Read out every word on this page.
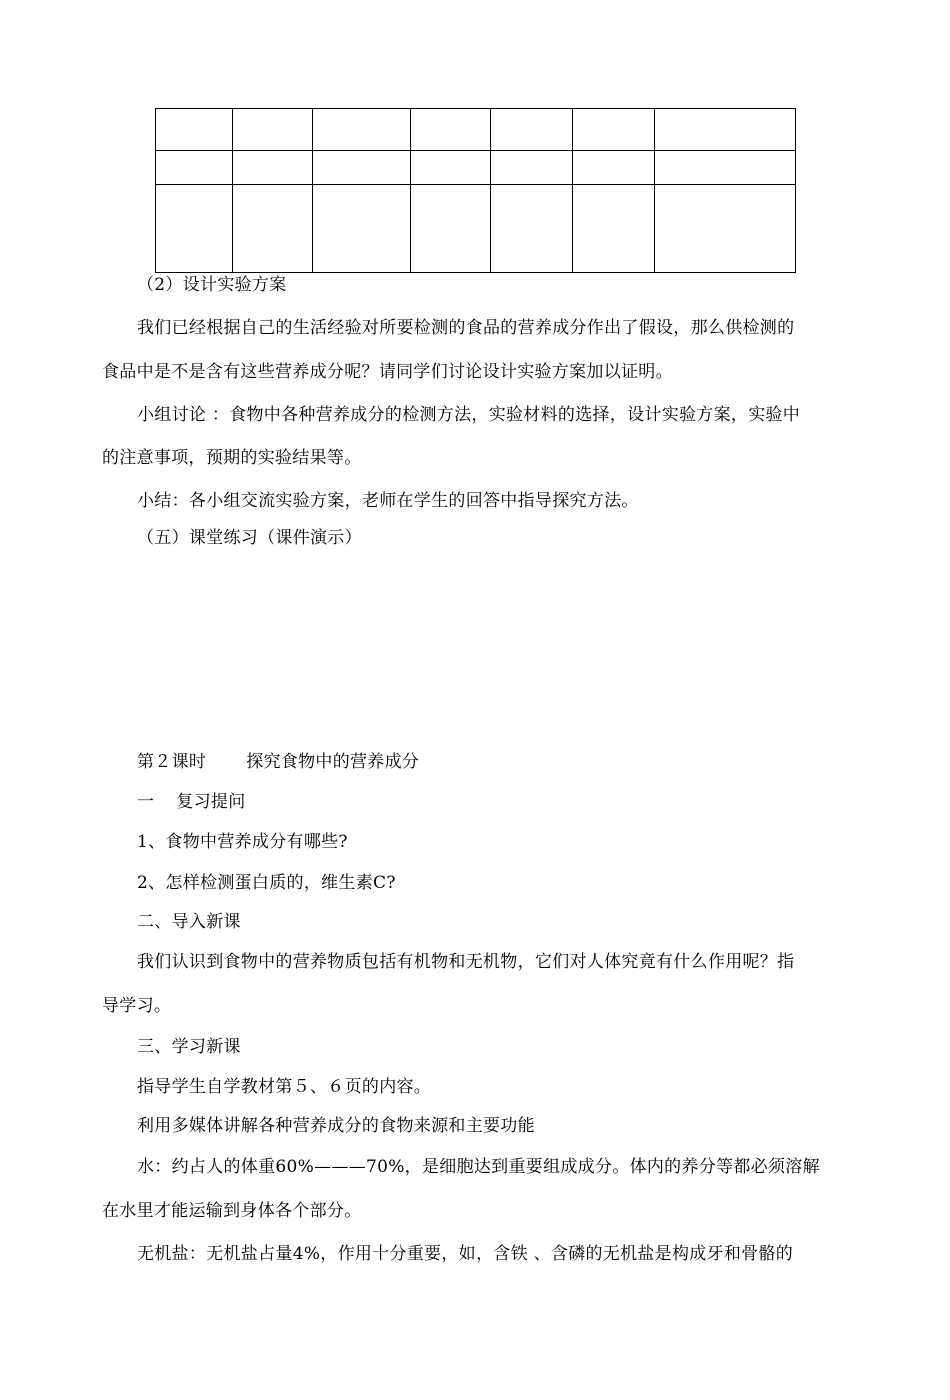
（2）设计实验方案
我们已经根据自己的生活经验对所要检测的食品的营养成分作出了假设，那么供检测的
食品中是不是含有这些营养成分呢？请同学们讨论设计实验方案加以证明。
小组讨论 ：食物中各种营养成分的检测方法，实验材料的选择，设计实验方案，实验中
的注意事项，预期的实验结果等。
小结：各小组交流实验方案，老师在学生的回答中指导探究方法。
（五）课堂练习（课件演示）
第２课时 探究食物中的营养成分
一 复习提问
1、食物中营养成分有哪些?
2、怎样检测蛋白质的，维生素C?
二、导入新课
我们认识到食物中的营养物质包括有机物和无机物，它们对人体究竟有什么作用呢？指
导学习。
三、学习新课
指导学生自学教材第５、６页的内容。
利用多媒体讲解各种营养成分的食物来源和主要功能
水：约占人的体重60%———70%，是细胞达到重要组成成分。体内的养分等都必须溶解
在水里才能运输到身体各个部分。
无机盐：无机盐占量4%，作用十分重要，如，含铁 、含磷的无机盐是构成牙和骨骼的
